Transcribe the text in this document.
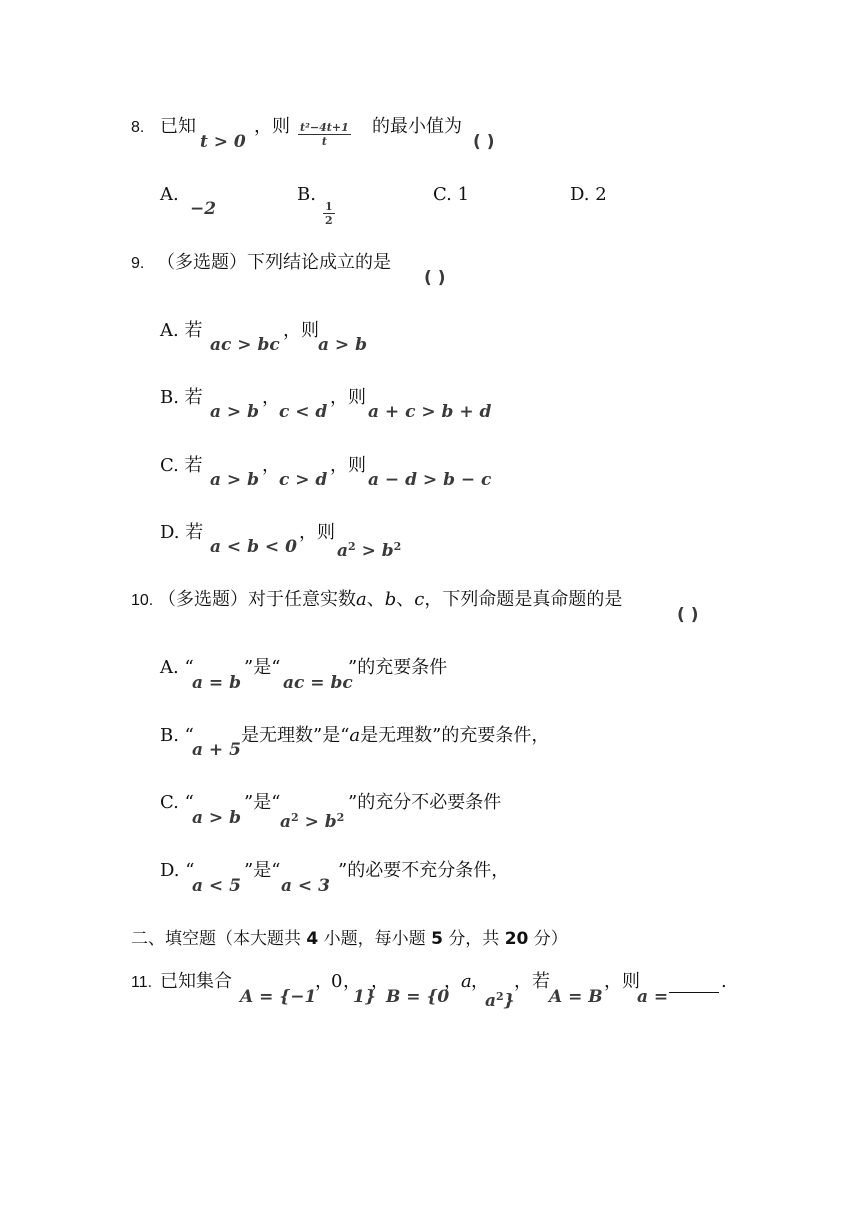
8. 已知
t > 0
，则 t²−4t+1
t
的最小值为
( )
A.
−2
B.
1
2
C. 1	D. 2
9. （多选题）下列结论成立的是
( )
A. 若
ac > bc
，则
a > b
B. 若
a > b
，
c < d
，则
a + c > b + d
C. 若
a > b
，
c > d
，则
a − d > b − c
D. 若
a < b < 0
，则
$a^2 > b^2$
10. （多选题）对于任意实数a、b、c，下列命题是真命题的是
( )
A. “
a = b
”是“
ac = bc
”的充要条件
B. “
a + 5
是无理数”是“a是无理数”的充要条件，
C. “
a > b
”是“
$a^2 > b^2$
”的充分不必要条件
D. “
a < 5
”是“
a < 3
”的必要不充分条件，
二、填空题（本大题共 4 小题，每小题 5 分，共 20 分）
11. 已知集合
A = {−1
，
0 ，
1}
，
B = {0
， a ，
$a^2$}
，若
A = B
，则
a =
.
